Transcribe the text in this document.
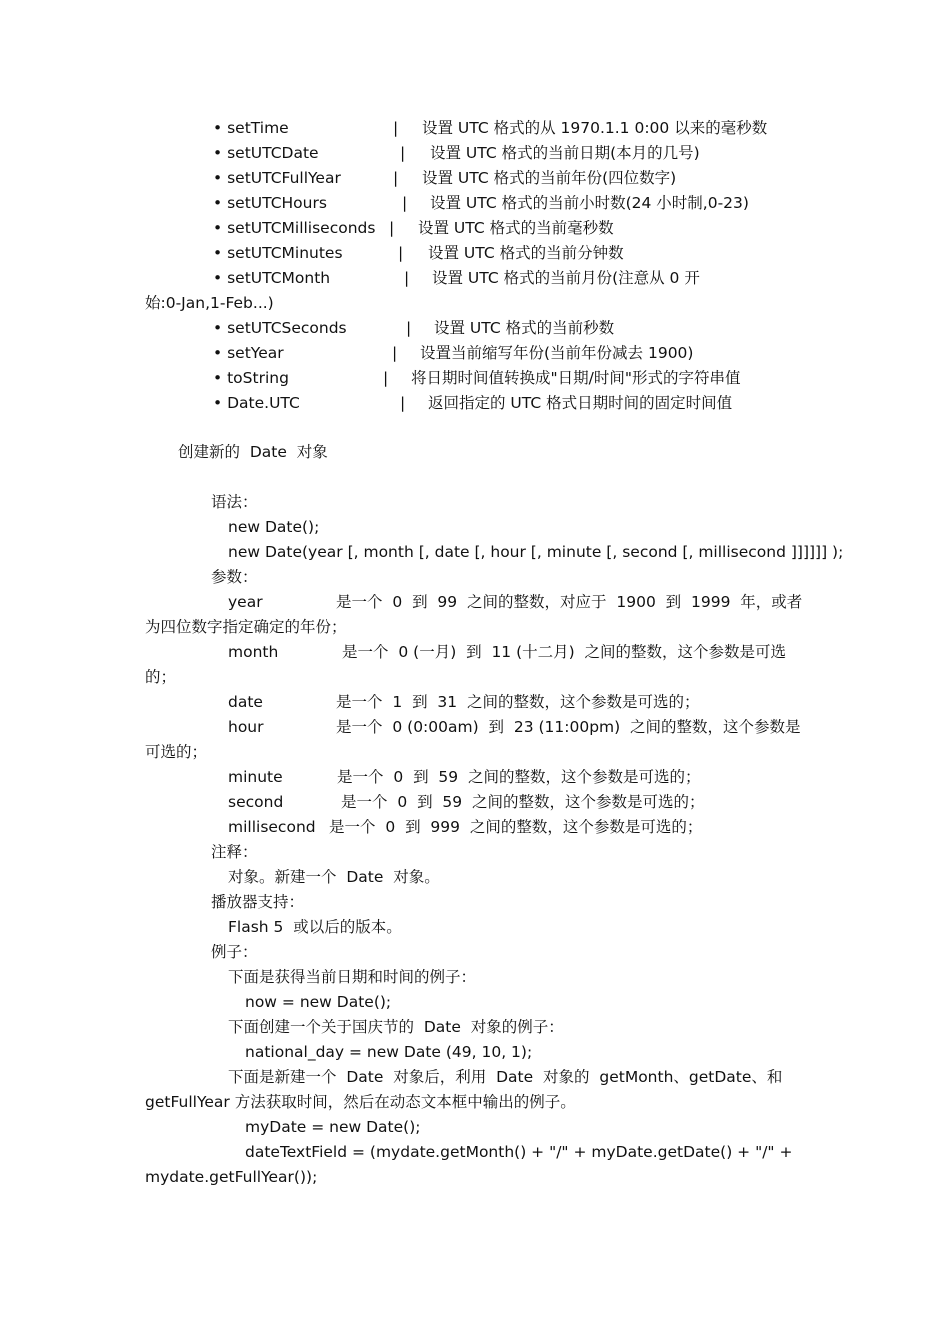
• setTime	| 设置 UTC 格式的从 1970.1.1 0:00 以来的毫秒数
• setUTCDate	| 设置 UTC 格式的当前日期(本月的几号)
• setUTCFullYear	| 设置 UTC 格式的当前年份(四位数字)
• setUTCHours	| 设置 UTC 格式的当前小时数(24 小时制,0-23)
• setUTCMilliseconds | 设置 UTC 格式的当前毫秒数
• setUTCMinutes	| 设置 UTC 格式的当前分钟数
• setUTCMonth	| 设置 UTC 格式的当前月份(注意从 0 开
始:0-Jan,1-Feb...)
• setUTCSeconds	| 设置 UTC 格式的当前秒数
• setYear	| 设置当前缩写年份(当前年份减去 1900)
• toString	| 将日期时间值转换成"日期/时间"形式的字符串值
• Date.UTC	| 返回指定的 UTC 格式日期时间的固定时间值
创建新的  Date  对象
语法：
new Date();
new Date(year [, month [, date [, hour [, minute [, second [, millisecond ]]]]]] );
参数：
year	是一个  0  到  99  之间的整数，对应于  1900  到  1999  年，或者
为四位数字指定确定的年份；
month	是一个  0 (一月)  到  11 (十二月)  之间的整数，这个参数是可选
的；
date	是一个  1  到  31  之间的整数，这个参数是可选的；
hour	是一个  0 (0:00am)  到  23 (11:00pm)  之间的整数，这个参数是
可选的；
minute	是一个  0  到  59  之间的整数，这个参数是可选的；
second	是一个  0  到  59  之间的整数，这个参数是可选的；
millisecond 是一个  0  到  999  之间的整数，这个参数是可选的；
注释：
对象。新建一个  Date  对象。
播放器支持：
Flash 5  或以后的版本。
例子：
下面是获得当前日期和时间的例子：
now = new Date();
下面创建一个关于国庆节的  Date  对象的例子：
national_day = new Date (49, 10, 1);
下面是新建一个  Date  对象后，利用  Date  对象的  getMonth、getDate、和
getFullYear 方法获取时间，然后在动态文本框中输出的例子。
myDate = new Date();
dateTextField = (mydate.getMonth() + "/" + myDate.getDate() + "/" +
mydate.getFullYear());
